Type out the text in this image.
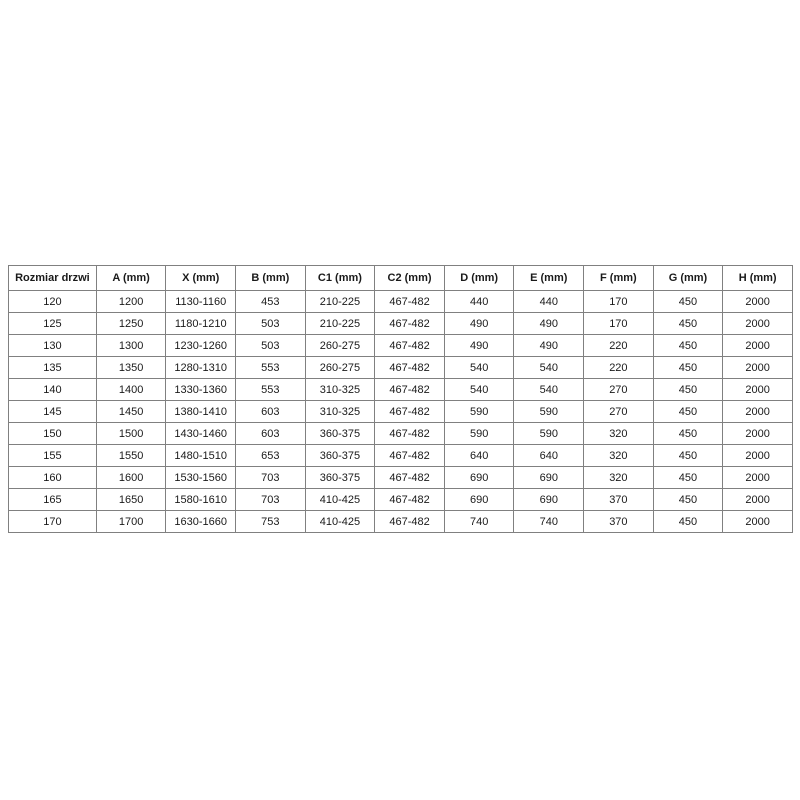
Rozmiar drzwi	A (mm)	X (mm)	B (mm)	C1 (mm)	C2 (mm)	D (mm)	E (mm)	F (mm)	G (mm)	H (mm)
120	1200	1130-1160	453	210-225	467-482	440	440	170	450	2000
125	1250	1180-1210	503	210-225	467-482	490	490	170	450	2000
130	1300	1230-1260	503	260-275	467-482	490	490	220	450	2000
135	1350	1280-1310	553	260-275	467-482	540	540	220	450	2000
140	1400	1330-1360	553	310-325	467-482	540	540	270	450	2000
145	1450	1380-1410	603	310-325	467-482	590	590	270	450	2000
150	1500	1430-1460	603	360-375	467-482	590	590	320	450	2000
155	1550	1480-1510	653	360-375	467-482	640	640	320	450	2000
160	1600	1530-1560	703	360-375	467-482	690	690	320	450	2000
165	1650	1580-1610	703	410-425	467-482	690	690	370	450	2000
170	1700	1630-1660	753	410-425	467-482	740	740	370	450	2000
